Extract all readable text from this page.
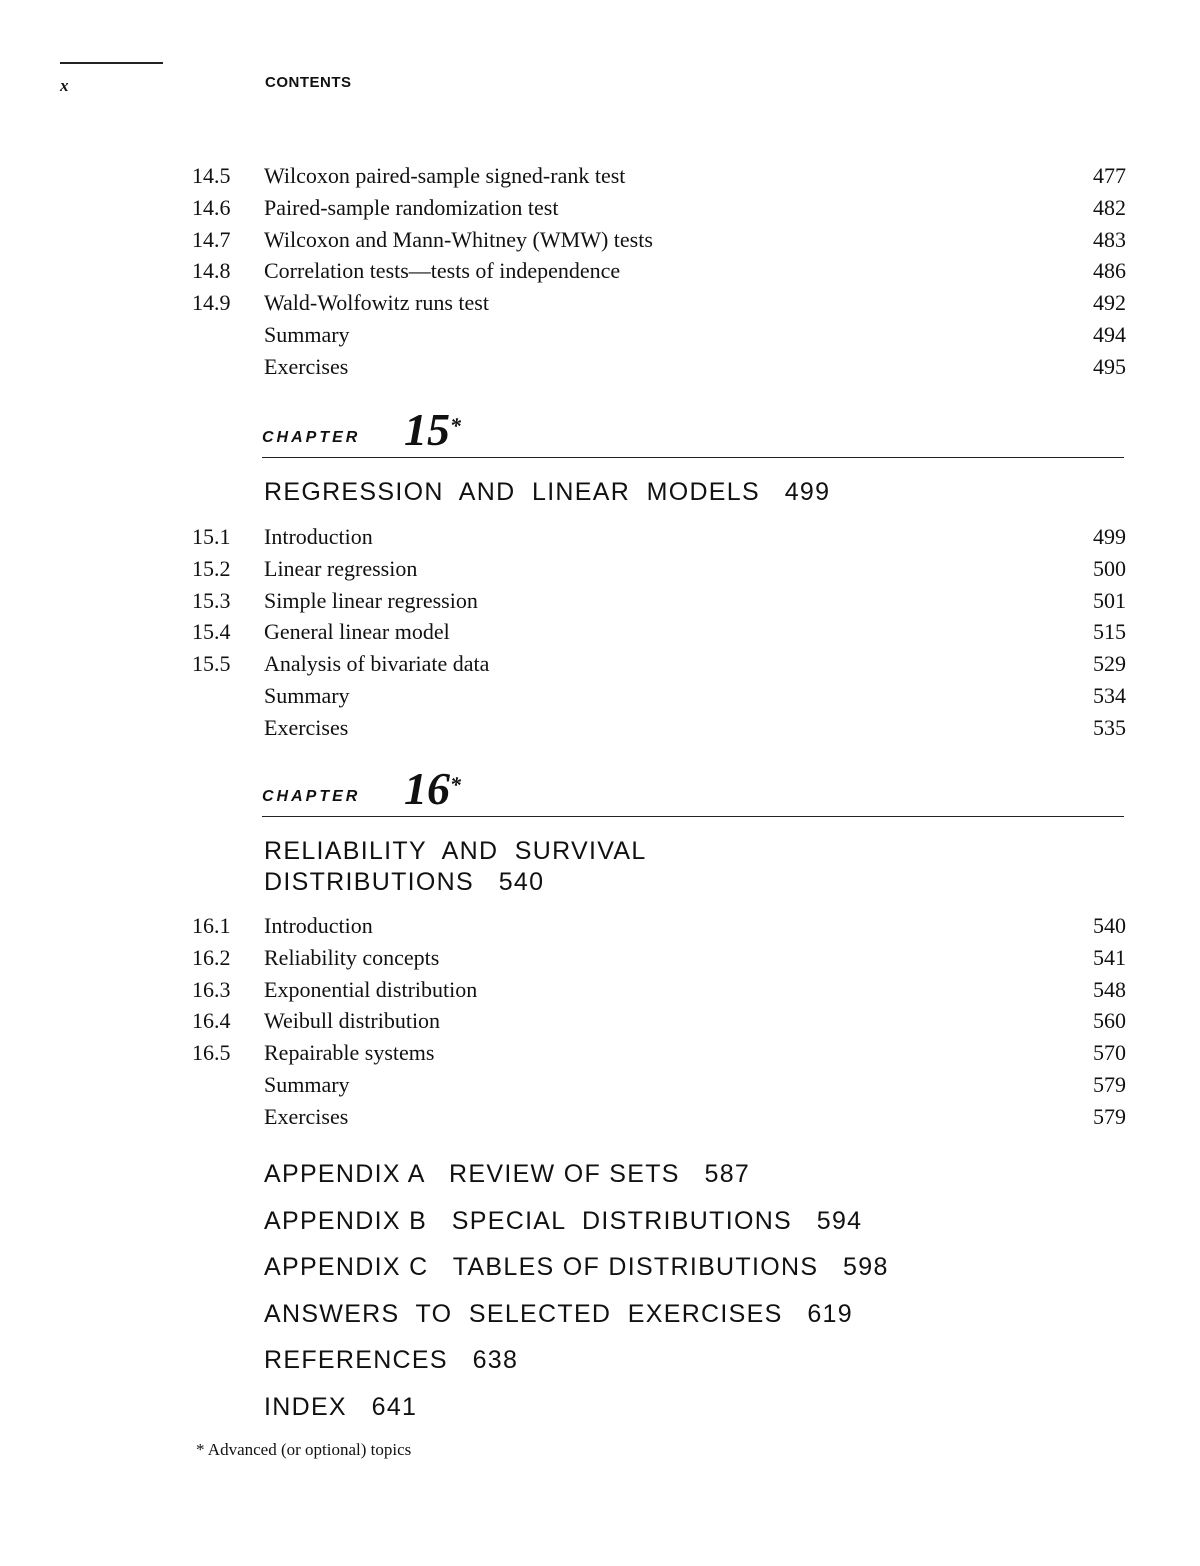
x	CONTENTS
14.5	Wilcoxon paired-sample signed-rank test	477
14.6	Paired-sample randomization test	482
14.7	Wilcoxon and Mann-Whitney (WMW) tests	483
14.8	Correlation tests—tests of independence	486
14.9	Wald-Wolfowitz runs test	492
Summary	494
Exercises	495
CHAPTER 15*
REGRESSION  AND  LINEAR  MODELS   499
15.1	Introduction	499
15.2	Linear regression	500
15.3	Simple linear regression	501
15.4	General linear model	515
15.5	Analysis of bivariate data	529
Summary	534
Exercises	535
CHAPTER 16*
RELIABILITY  AND  SURVIVAL
DISTRIBUTIONS   540
16.1	Introduction	540
16.2	Reliability concepts	541
16.3	Exponential distribution	548
16.4	Weibull distribution	560
16.5	Repairable systems	570
Summary	579
Exercises	579
APPENDIX A   REVIEW OF SETS   587
APPENDIX B   SPECIAL  DISTRIBUTIONS   594
APPENDIX C   TABLES OF DISTRIBUTIONS   598
ANSWERS  TO  SELECTED  EXERCISES   619
REFERENCES   638
INDEX   641
* Advanced (or optional) topics
